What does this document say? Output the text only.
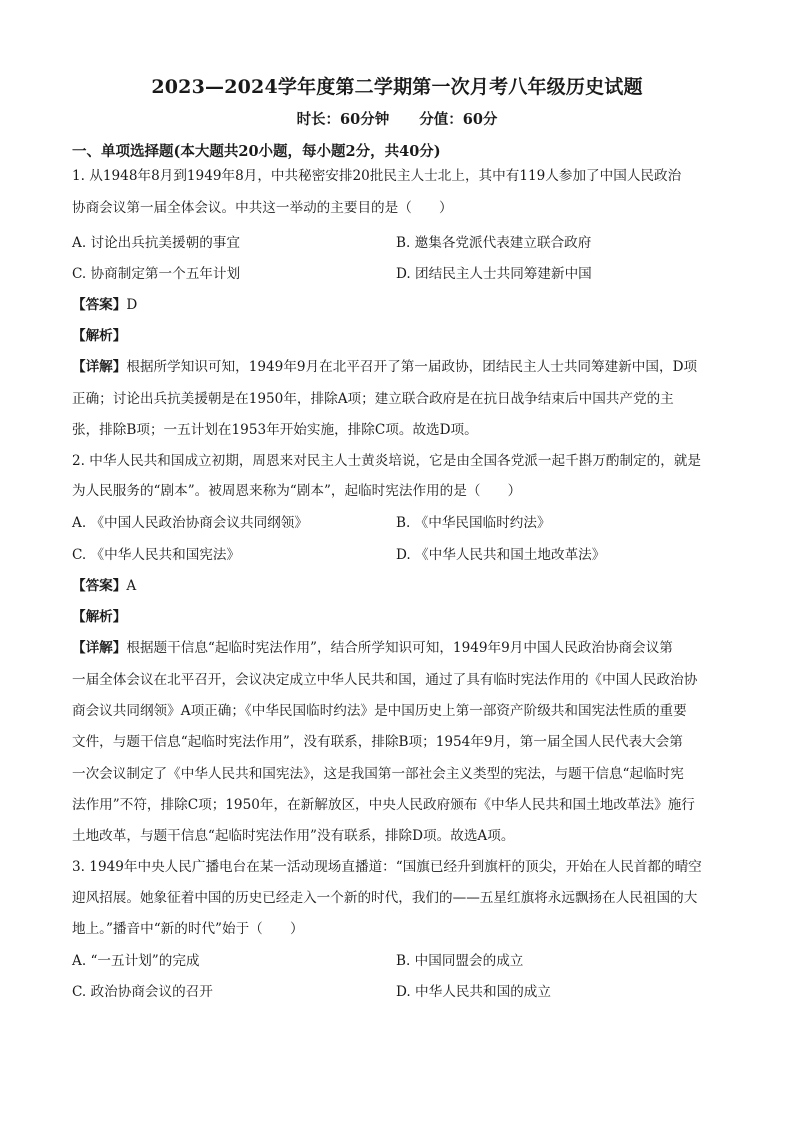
2023—2024学年度第二学期第一次月考八年级历史试题
时长：60分钟 分值：60分
一、单项选择题(本大题共20小题，每小题2分，共40分)
1. 从1948年8月到1949年8月，中共秘密安排20批民主人士北上，其中有119人参加了中国人民政治
协商会议第一届全体会议。中共这一举动的主要目的是（　　）
A. 讨论出兵抗美援朝的事宜	B. 邀集各党派代表建立联合政府
C. 协商制定第一个五年计划	D. 团结民主人士共同筹建新中国
【答案】D
【解析】
【详解】根据所学知识可知，1949年9月在北平召开了第一届政协，团结民主人士共同筹建新中国，D项
正确；讨论出兵抗美援朝是在1950年，排除A项；建立联合政府是在抗日战争结束后中国共产党的主
张，排除B项；一五计划在1953年开始实施，排除C项。故选D项。
2. 中华人民共和国成立初期，周恩来对民主人士黄炎培说，它是由全国各党派一起千斟万酌制定的，就是
为人民服务的“剧本”。被周恩来称为“剧本”，起临时宪法作用的是（　　）
A. 《中国人民政治协商会议共同纲领》	B. 《中华民国临时约法》
C. 《中华人民共和国宪法》	D. 《中华人民共和国土地改革法》
【答案】A
【解析】
【详解】根据题干信息“起临时宪法作用”，结合所学知识可知，1949年9月中国人民政治协商会议第
一届全体会议在北平召开，会议决定成立中华人民共和国，通过了具有临时宪法作用的《中国人民政治协
商会议共同纲领》A项正确；《中华民国临时约法》是中国历史上第一部资产阶级共和国宪法性质的重要
文件，与题干信息“起临时宪法作用”，没有联系，排除B项；1954年9月，第一届全国人民代表大会第
一次会议制定了《中华人民共和国宪法》，这是我国第一部社会主义类型的宪法，与题干信息“起临时宪
法作用”不符，排除C项；1950年，在新解放区，中央人民政府颁布《中华人民共和国土地改革法》施行
土地改革，与题干信息“起临时宪法作用”没有联系，排除D项。故选A项。
3. 1949年中央人民广播电台在某一活动现场直播道：“国旗已经升到旗杆的顶尖，开始在人民首都的晴空
迎风招展。她象征着中国的历史已经走入一个新的时代，我们的——五星红旗将永远飘扬在人民祖国的大
地上。”播音中“新的时代”始于（　　）
A. “一五计划”的完成	B. 中国同盟会的成立
C. 政治协商会议的召开	D. 中华人民共和国的成立
